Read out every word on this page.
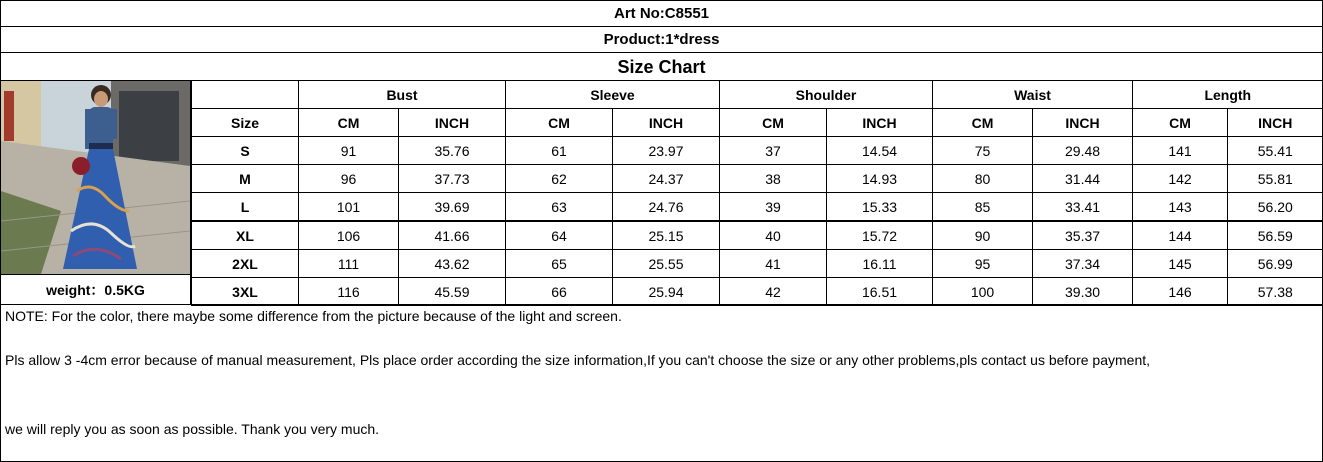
Art No:C8551
Product:1*dress
Size Chart
weight：0.5KG
	Bust		Sleeve		Shoulder		Waist		Length	
Size	CM	INCH	CM	INCH	CM	INCH	CM	INCH	CM	INCH
S	91	35.76	61	23.97	37	14.54	75	29.48	141	55.41
M	96	37.73	62	24.37	38	14.93	80	31.44	142	55.81
L	101	39.69	63	24.76	39	15.33	85	33.41	143	56.20
XL	106	41.66	64	25.15	40	15.72	90	35.37	144	56.59
2XL	111	43.62	65	25.55	41	16.11	95	37.34	145	56.99
3XL	116	45.59	66	25.94	42	16.51	100	39.30	146	57.38

NOTE: For the color, there maybe some difference from the picture because of the light and screen.

Pls allow 3 -4cm error because of manual measurement, Pls place order according the size information,If you can't choose the size or any other problems,pls contact us before payment,

we will reply you as soon as possible. Thank you very much.
